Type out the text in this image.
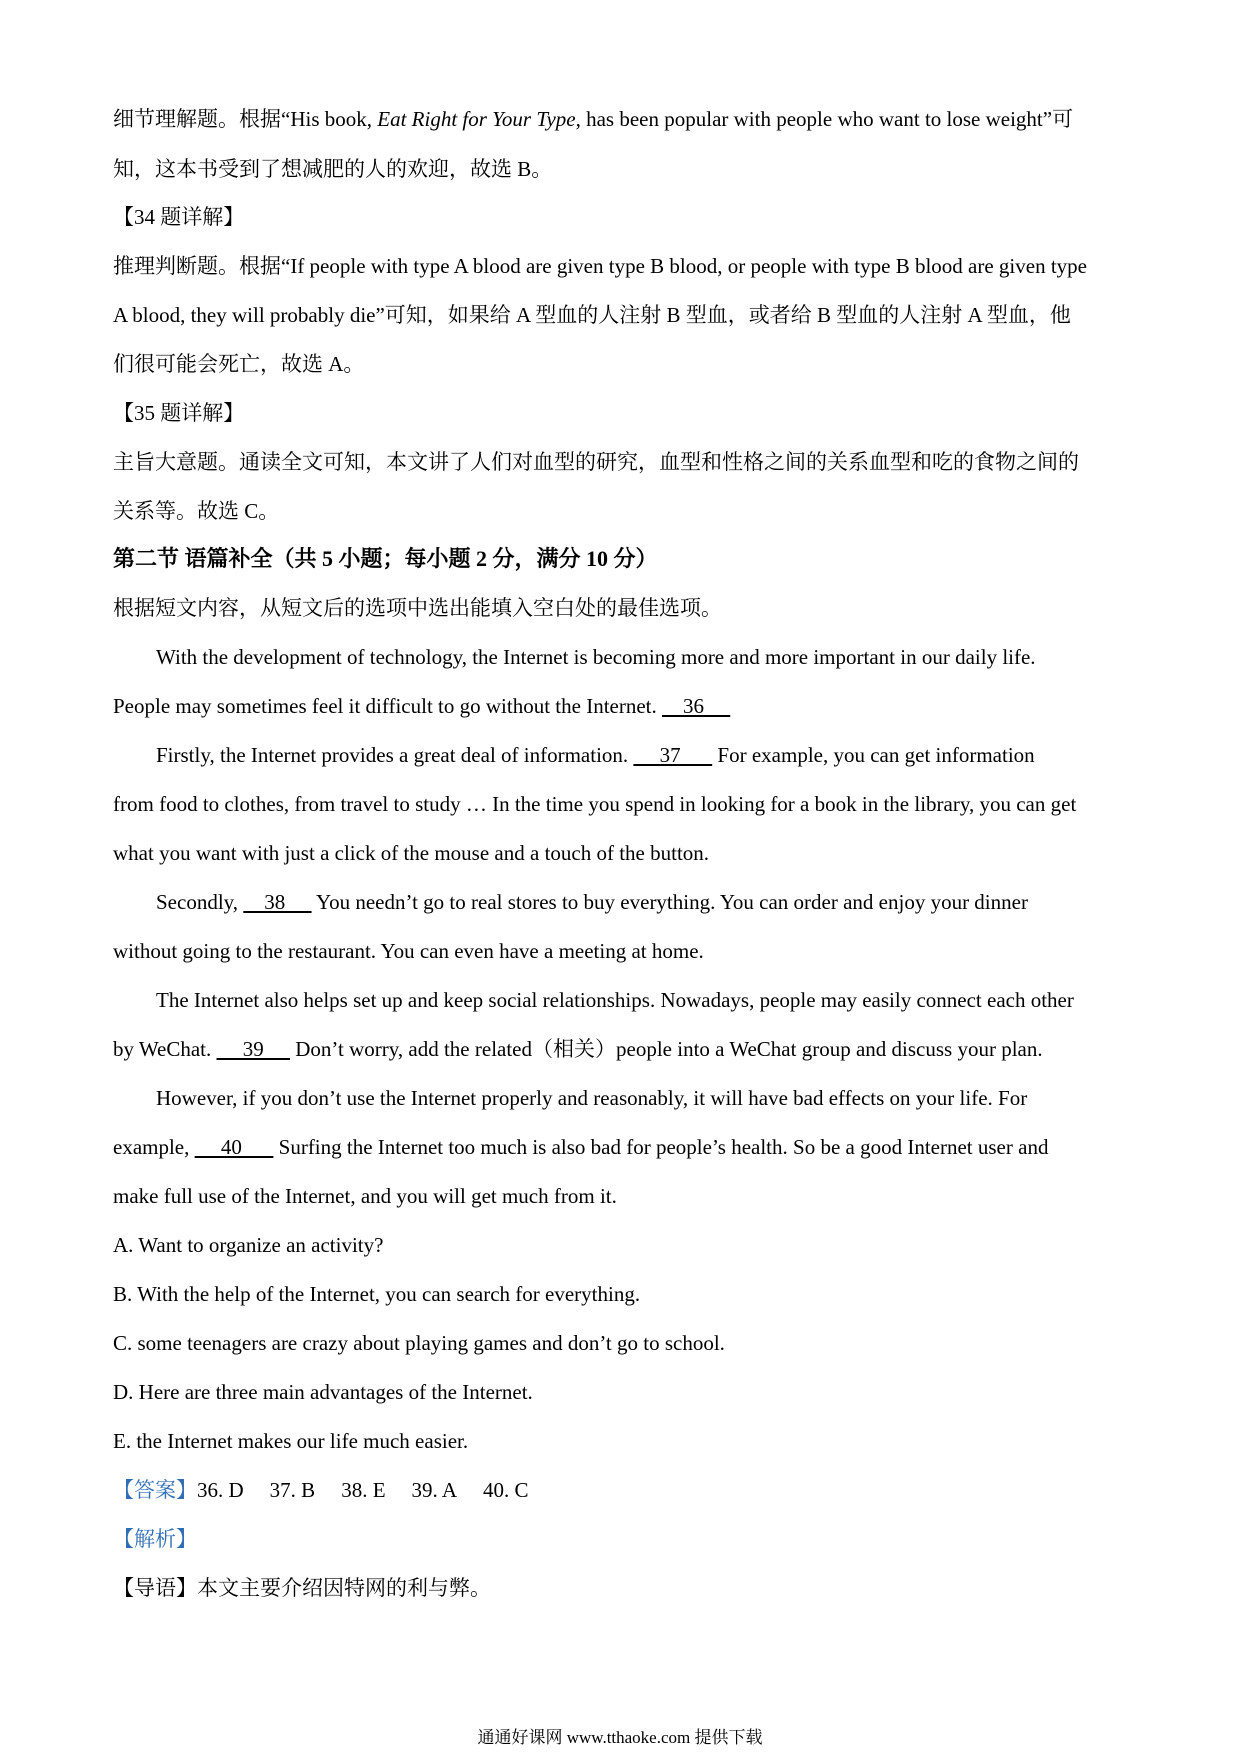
细节理解题。根据“His book, Eat Right for Your Type, has been popular with people who want to lose weight”可
知，这本书受到了想减肥的人的欢迎，故选 B。
【34 题详解】
推理判断题。根据“If people with type A blood are given type B blood, or people with type B blood are given type
A blood, they will probably die”可知，如果给 A 型血的人注射 B 型血，或者给 B 型血的人注射 A 型血，他
们很可能会死亡，故选 A。
【35 题详解】
主旨大意题。通读全文可知，本文讲了人们对血型的研究，血型和性格之间的关系血型和吃的食物之间的
关系等。故选 C。
第二节 语篇补全（共 5 小题；每小题 2 分，满分 10 分）
根据短文内容，从短文后的选项中选出能填入空白处的最佳选项。
With the development of technology, the Internet is becoming more and more important in our daily life.
People may sometimes feel it difficult to go without the Internet.     36
Firstly, the Internet provides a great deal of information.      37       For example, you can get information
from food to clothes, from travel to study … In the time you spend in looking for a book in the library, you can get
what you want with just a click of the mouse and a touch of the button.
Secondly,     38      You needn’t go to real stores to buy everything. You can order and enjoy your dinner
without going to the restaurant. You can even have a meeting at home.
The Internet also helps set up and keep social relationships. Nowadays, people may easily connect each other
by WeChat.      39      Don’t worry, add the related（相关）people into a WeChat group and discuss your plan.
However, if you don’t use the Internet properly and reasonably, it will have bad effects on your life. For
example,      40       Surfing the Internet too much is also bad for people’s health. So be a good Internet user and
make full use of the Internet, and you will get much from it.
A. Want to organize an activity?
B. With the help of the Internet, you can search for everything.
C. some teenagers are crazy about playing games and don’t go to school.
D. Here are three main advantages of the Internet.
E. the Internet makes our life much easier.
【答案】36. D 37. B 38. E 39. A 40. C
【解析】
【导语】本文主要介绍因特网的利与弊。
通通好课网 www.tthaoke.com 提供下载
